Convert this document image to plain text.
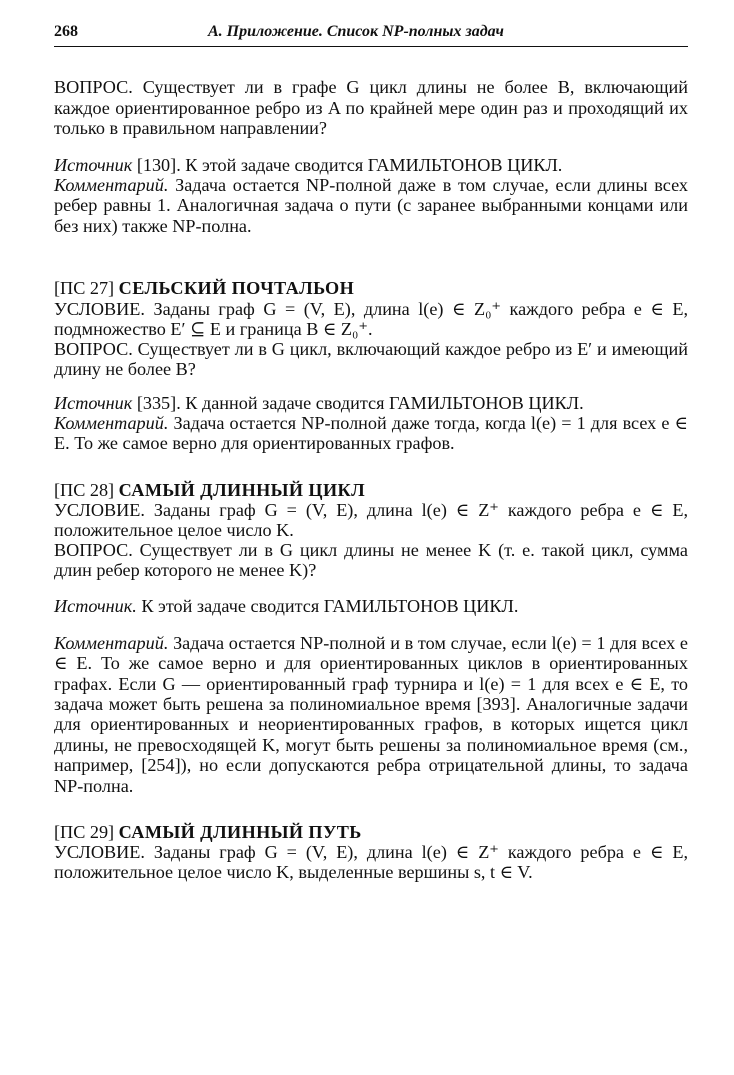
268	А. Приложение. Список NP-полных задач

ВОПРОС. Существует ли в графе G цикл длины не более B, включающий каждое ориентированное ребро из A по крайней мере один раз и проходящий их только в правильном направлении?

Источник [130]. К этой задаче сводится ГАМИЛЬТОНОВ ЦИКЛ.

Комментарий. Задача остается NP-полной даже в том случае, если длины всех ребер равны 1. Аналогичная задача о пути (с заранее выбранными концами или без них) также NP-полна.

[ПС 27] СЕЛЬСКИЙ ПОЧТАЛЬОН

УСЛОВИЕ. Заданы граф G = (V, E), длина l(e) ∈ Z₀⁺ каждого ребра e ∈ E, подмножество E′ ⊆ E и граница B ∈ Z₀⁺.

ВОПРОС. Существует ли в G цикл, включающий каждое ребро из E′ и имеющий длину не более B?

Источник [335]. К данной задаче сводится ГАМИЛЬТОНОВ ЦИКЛ.

Комментарий. Задача остается NP-полной даже тогда, когда l(e) = 1 для всех e ∈ E. То же самое верно для ориентированных графов.

[ПС 28] САМЫЙ ДЛИННЫЙ ЦИКЛ

УСЛОВИЕ. Заданы граф G = (V, E), длина l(e) ∈ Z⁺ каждого ребра e ∈ E, положительное целое число K.

ВОПРОС. Существует ли в G цикл длины не менее K (т. е. такой цикл, сумма длин ребер которого не менее K)?

Источник. К этой задаче сводится ГАМИЛЬТОНОВ ЦИКЛ.

Комментарий. Задача остается NP-полной и в том случае, если l(e) = 1 для всех e ∈ E. То же самое верно и для ориентированных циклов в ориентированных графах. Если G — ориентированный граф турнира и l(e) = 1 для всех e ∈ E, то задача может быть решена за полиномиальное время [393]. Аналогичные задачи для ориентированных и неориентированных графов, в которых ищется цикл длины, не превосходящей K, могут быть решены за полиномиальное время (см., например, [254]), но если допускаются ребра отрицательной длины, то задача NP-полна.

[ПС 29] САМЫЙ ДЛИННЫЙ ПУТЬ

УСЛОВИЕ. Заданы граф G = (V, E), длина l(e) ∈ Z⁺ каждого ребра e ∈ E, положительное целое число K, выделенные вершины s, t ∈ V.
